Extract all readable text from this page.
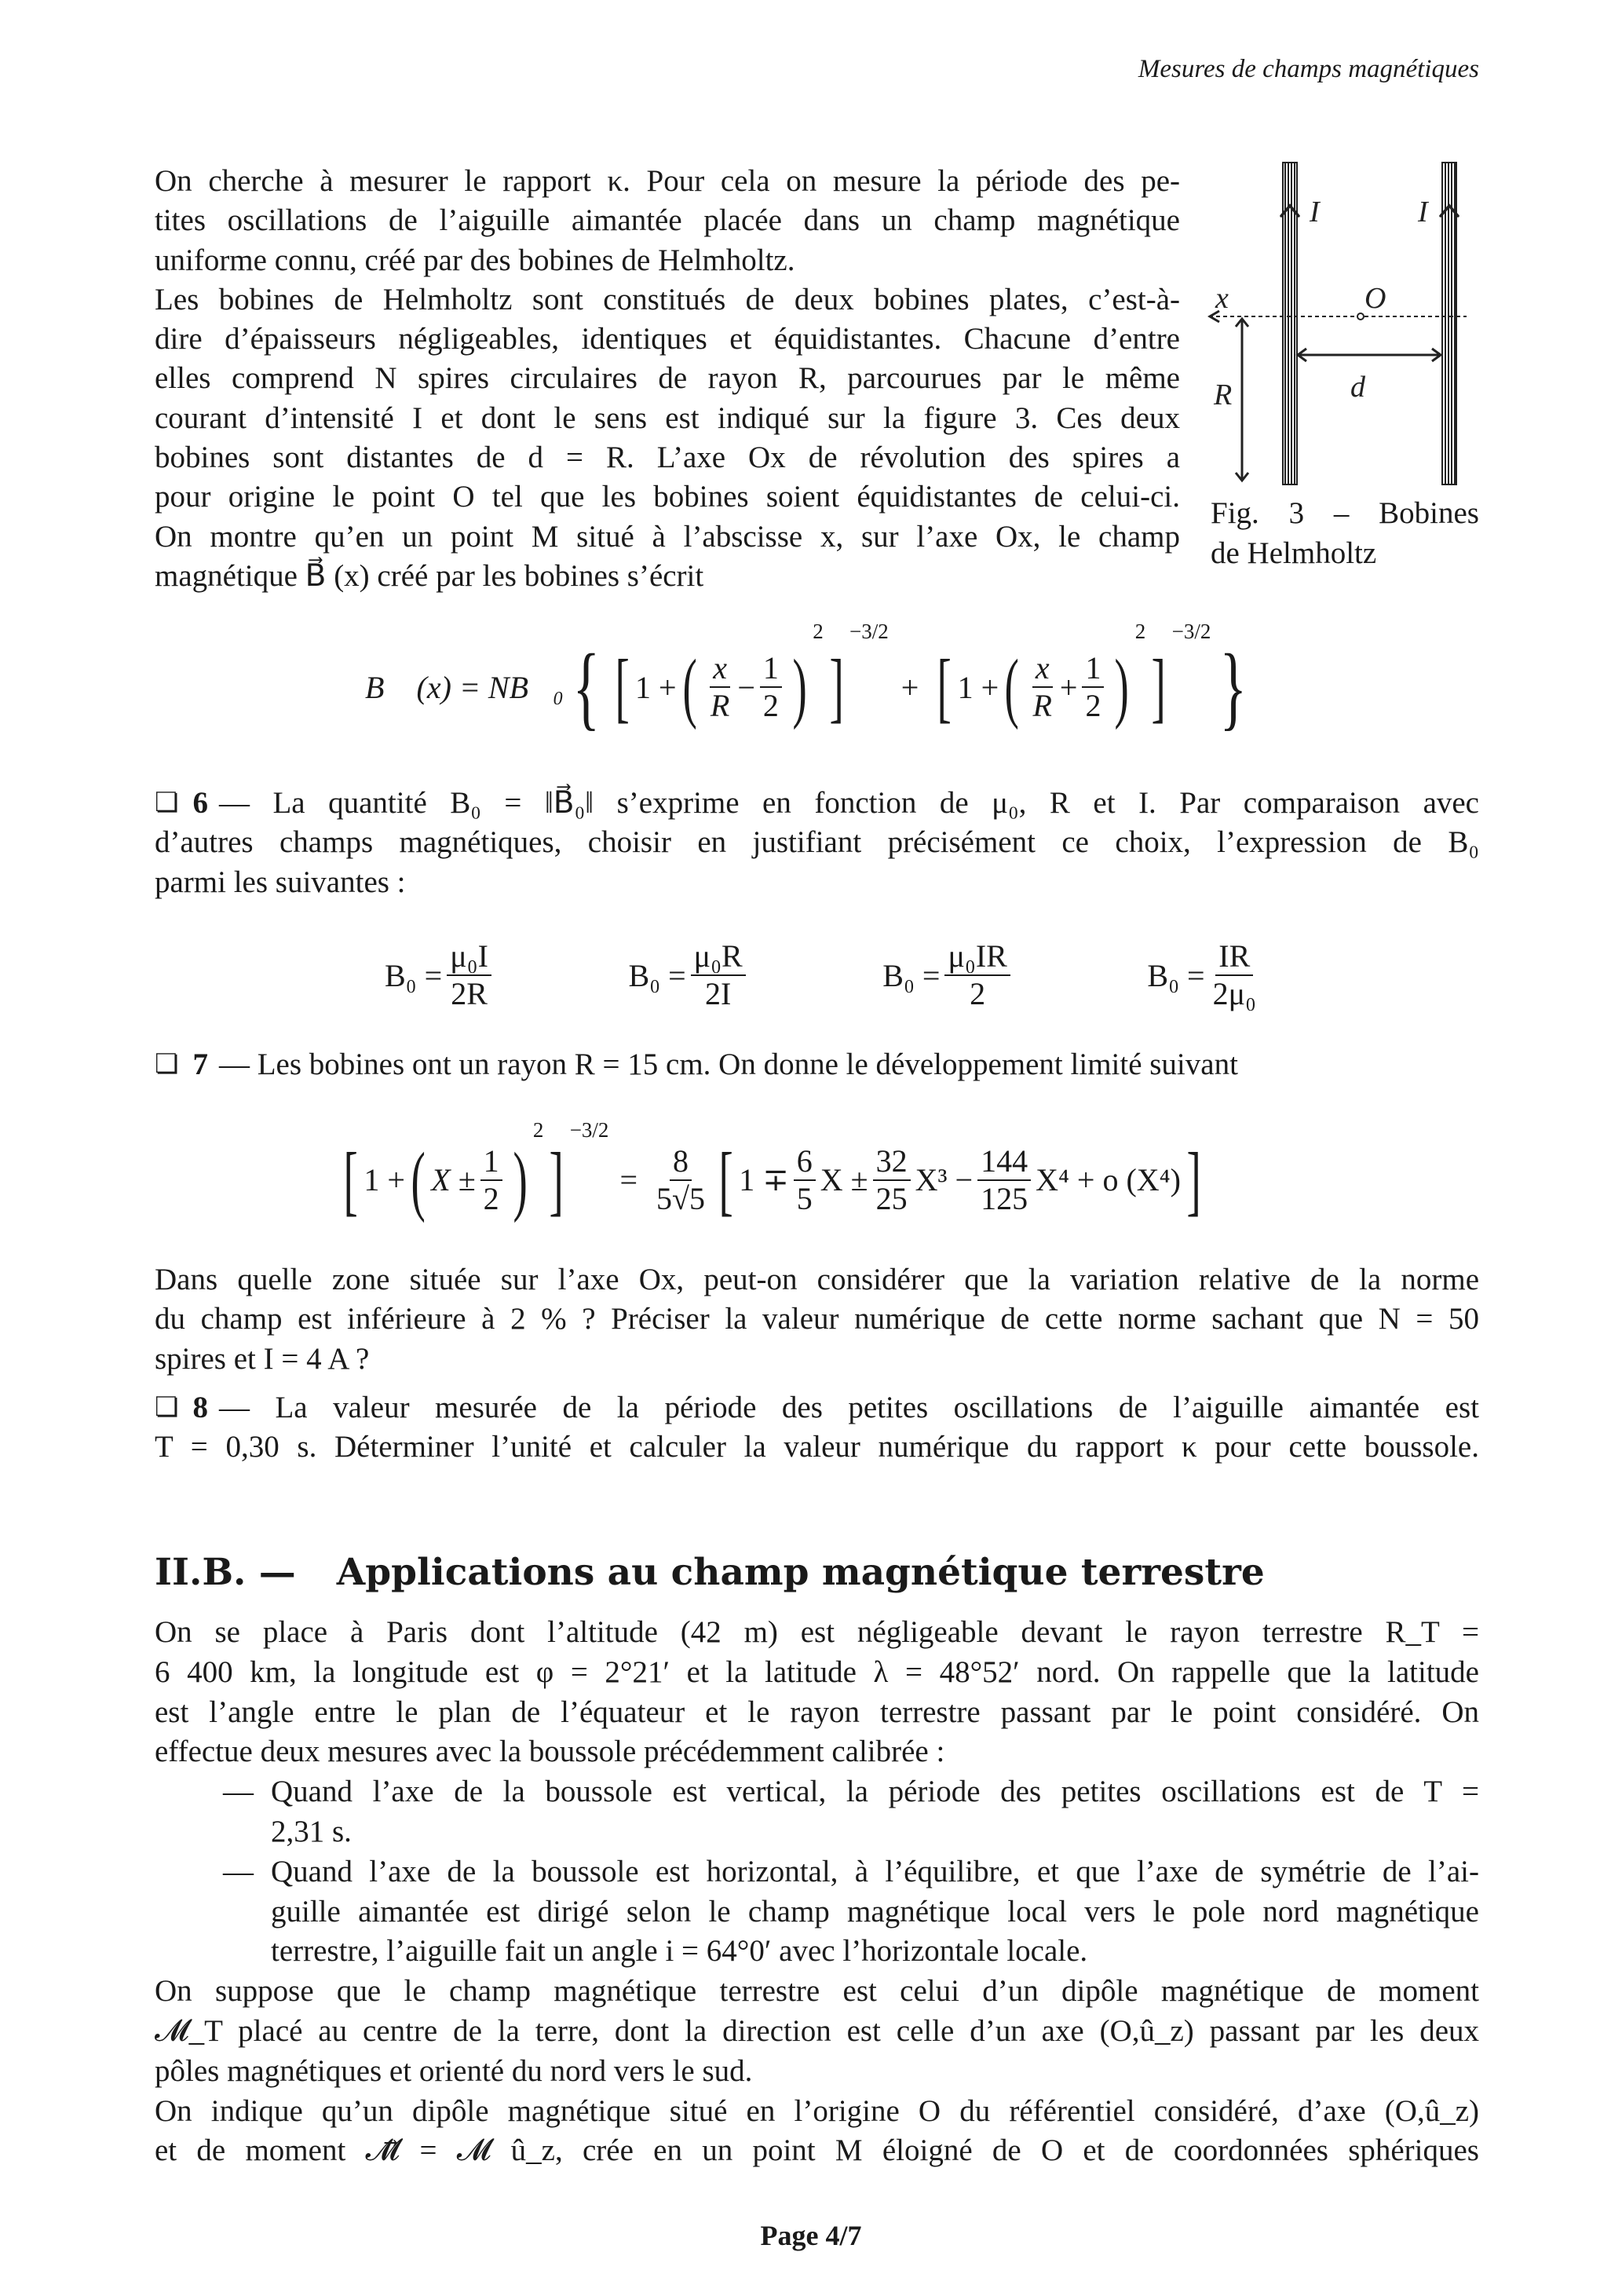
Mesures de champs magnétiques
On cherche à mesurer le rapport κ. Pour cela on mesure la période des pe-
tites oscillations de l’aiguille aimantée placée dans un champ magnétique
uniforme connu, créé par des bobines de Helmholtz.
Les bobines de Helmholtz sont constitués de deux bobines plates, c’est-à-
dire d’épaisseurs négligeables, identiques et équidistantes. Chacune d’entre
elles comprend N spires circulaires de rayon R, parcourues par le même
courant d’intensité I et dont le sens est indiqué sur la figure 3. Ces deux
bobines sont distantes de d = R. L’axe Ox de révolution des spires a
pour origine le point O tel que les bobines soient équidistantes de celui-ci.
On montre qu’en un point M situé à l’abscisse x, sur l’axe Ox, le champ
magnétique B⃗ (x) créé par les bobines s’écrit
I	I
x	O
R	d
Fig. 3 – Bobines
de Helmholtz
B⃗ (x) = NB⃗₀ { [ 1 + ( $\frac{x}{R} - \frac{1}{2}$ )
2
]
−3/2
+ [ 1 + ( $\frac{x}{R} + \frac{1}{2}$ )
2
]
−3/2
}
❏ 6 — La quantité B₀ = ‖B⃗₀‖ s’exprime en fonction de μ₀, R et I. Par comparaison avec
d’autres champs magnétiques, choisir en justifiant précisément ce choix, l’expression de B₀
parmi les suivantes :
$B_0 = \frac{\text{μ₀I}}{2R}$	$B_0 = \frac{\text{μ₀R}}{2I}$	$B_0 = \frac{\text{μ₀IR}}{2}$	$B_0 = \frac{IR}{\text{2μ₀}}$
❏ 7 — Les bobines ont un rayon R = 15 cm. On donne le développement limité suivant
[ 1 + ( $X \pm \frac{1}{2}$ )
2
]
−3/2
= $\frac{8}{5√5}$ [ $1 \mp \frac{6}{5}$ $X \pm \frac{32}{25} X^3 - \frac{144}{125} X^4 + o$ (X⁴) ]
Dans quelle zone située sur l’axe Ox, peut-on considérer que la variation relative de la norme
du champ est inférieure à 2 % ? Préciser la valeur numérique de cette norme sachant que N = 50
spires et I = 4 A ?
❏ 8 — La valeur mesurée de la période des petites oscillations de l’aiguille aimantée est
T = 0,30 s. Déterminer l’unité et calculer la valeur numérique du rapport κ pour cette boussole.
II.B. — Applications au champ magnétique terrestre
On se place à Paris dont l’altitude (42 m) est négligeable devant le rayon terrestre R_T =
6 400 km, la longitude est φ = 2°21′ et la latitude λ = 48°52′ nord. On rappelle que la latitude
est l’angle entre le plan de l’équateur et le rayon terrestre passant par le point considéré. On
effectue deux mesures avec la boussole précédemment calibrée :
— Quand l’axe de la boussole est vertical, la période des petites oscillations est de T =
2,31 s.
— Quand l’axe de la boussole est horizontal, à l’équilibre, et que l’axe de symétrie de l’ai-
guille aimantée est dirigé selon le champ magnétique local vers le pole nord magnétique
terrestre, l’aiguille fait un angle i = 64°0′ avec l’horizontale locale.
On suppose que le champ magnétique terrestre est celui d’un dipôle magnétique de moment
𝓜_T placé au centre de la terre, dont la direction est celle d’un axe (O,û_z) passant par les deux
pôles magnétiques et orienté du nord vers le sud.
On indique qu’un dipôle magnétique situé en l’origine O du référentiel considéré, d’axe (O,û_z)
et de moment 𝓜⃗ = 𝓜 û_z, crée en un point M éloigné de O et de coordonnées sphériques
Page 4/7
